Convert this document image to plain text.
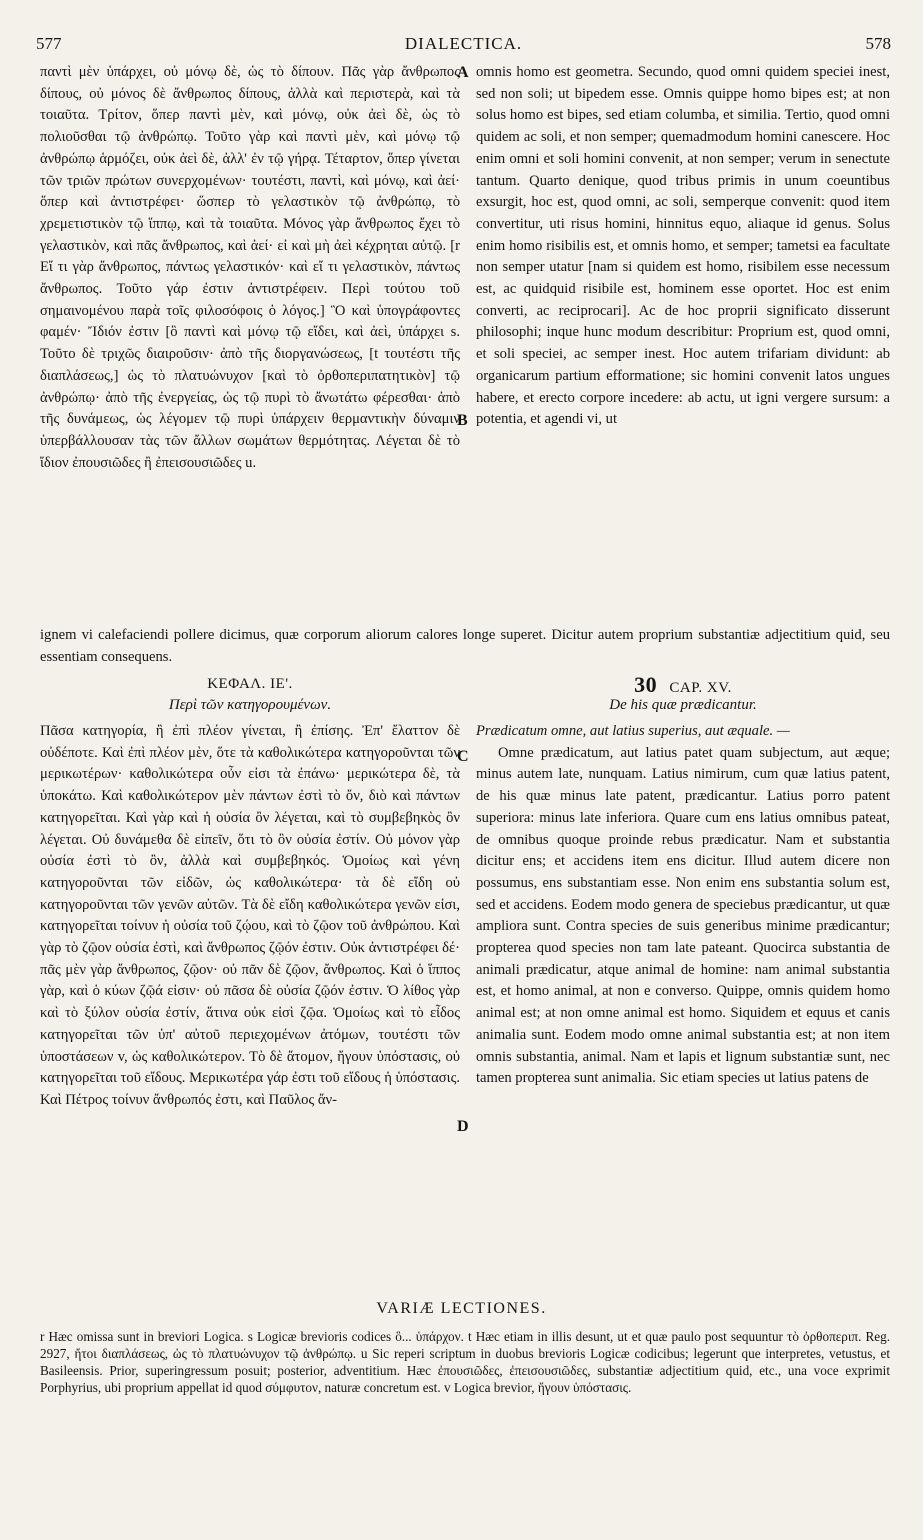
577	DIALECTICA.	578
παντὶ μὲν ὑπάρχει, οὐ μόνῳ δὲ, ὡς τὸ δίπουν. Πᾶς γὰρ ἄνθρωπος δίπους, οὐ μόνος δὲ ἄνθρωπος δίπους, ἀλλὰ καὶ περιστερὰ, καὶ τὰ τοιαῦτα. Τρίτον, ὅπερ παντὶ μὲν, καὶ μόνῳ, οὐκ ἀεὶ δὲ, ὡς τὸ πολιοῦσθαι τῷ ἀνθρώπῳ. Τοῦτο γὰρ καὶ παντὶ μὲν, καὶ μόνῳ τῷ ἀνθρώπῳ ἁρμόζει, οὐκ ἀεὶ δὲ, ἀλλ' ἐν τῷ γήρᾳ. Τέταρτον, ὅπερ γίνεται τῶν τριῶν πρώτων συνερχομένων· τουτέστι, παντὶ, καὶ μόνῳ, καὶ ἀεί· ὅπερ καὶ ἀντιστρέφει· ὥσπερ τὸ γελαστικὸν τῷ ἀνθρώπῳ, τὸ χρεμετιστικὸν τῷ ἵππῳ, καὶ τὰ τοιαῦτα. Μόνος γὰρ ἄνθρωπος ἔχει τὸ γελαστικὸν, καὶ πᾶς ἄνθρωπος, καὶ ἀεί· εἰ καὶ μὴ ἀεὶ κέχρηται αὐτῷ. [r Εἴ τι γὰρ ἄνθρωπος, πάντως γελαστικόν· καὶ εἴ τι γελαστικὸν, πάντως ἄνθρωπος. Τοῦτο γάρ ἐστιν ἀντιστρέφειν. Περὶ τούτου τοῦ σημαινομένου παρὰ τοῖς φιλοσόφοις ὁ λόγος.] Ὃ καὶ ὑπογράφοντες φαμέν· Ἴδιόν ἐστιν [ὃ παντὶ καὶ μόνῳ τῷ εἴδει, καὶ ἀεὶ, ὑπάρχει s. Τοῦτο δὲ τριχῶς διαιροῦσιν· ἀπὸ τῆς διοργανώσεως, [t τουτέστι τῆς διαπλάσεως,] ὡς τὸ πλατυώνυχον [καὶ τὸ ὀρθοπεριπατητικὸν] τῷ ἀνθρώπῳ· ἀπὸ τῆς ἐνεργείας, ὡς τῷ πυρὶ τὸ ἄνωτάτω φέρεσθαι· ἀπὸ τῆς δυνάμεως, ὡς λέγομεν τῷ πυρὶ ὑπάρχειν θερμαντικὴν δύναμιν ὑπερβάλλουσαν τὰς τῶν ἄλλων σωμάτων θερμότητας. Λέγεται δὲ τὸ ἴδιον ἐπουσιῶδες ἢ ἐπεισουσιῶδες u.
omnis homo est geometra. Secundo, quod omni quidem speciei inest, sed non soli; ut bipedem esse. Omnis quippe homo bipes est; at non solus homo est bipes, sed etiam columba, et similia. Tertio, quod omni quidem ac soli, et non semper; quemadmodum homini canescere. Hoc enim omni et soli homini convenit, at non semper; verum in senectute tantum. Quarto denique, quod tribus primis in unum coeuntibus exsurgit, hoc est, quod omni, ac soli, semperque convenit: quod item convertitur, uti risus homini, hinnitus equo, aliaque id genus. Solus enim homo risibilis est, et omnis homo, et semper; tametsi ea facultate non semper utatur [nam si quidem est homo, risibilem esse necessum est, ac quidquid risibile est, hominem esse oportet. Hoc est enim converti, ac reciprocari]. Ac de hoc proprii significato disserunt philosophi; inque hunc modum describitur: Proprium est, quod omni, et soli speciei, ac semper inest. Hoc autem trifariam dividunt: ab organicarum partium efformatione; sic homini convenit latos ungues habere, et erecto corpore incedere: ab actu, ut igni vergere sursum: a potentia, et agendi vi, ut
A
B
ignem vi calefaciendi pollere dicimus, quæ corporum aliorum calores longe superet. Dicitur autem proprium substantiæ adjectitium quid, seu essentiam consequens.
ΚΕΦΑΛ. ΙΕ'.
Περὶ τῶν κατηγορουμένων.
30 CAP. XV.
De his quæ prædicantur.
Πᾶσα κατηγορία, ἢ ἐπὶ πλέον γίνεται, ἢ ἐπίσης. Ἐπ' ἔλαττον δὲ οὐδέποτε. Καὶ ἐπὶ πλέον μὲν, ὅτε τὰ καθολικώτερα κατηγοροῦνται τῶν μερικωτέρων· καθολικώτερα οὖν εἰσι τὰ ἐπάνω· μερικώτερα δὲ, τὰ ὑποκάτω. Καὶ καθολικώτερον μὲν πάντων ἐστὶ τὸ ὄν, διὸ καὶ πάντων κατηγορεῖται. Καὶ γὰρ καὶ ἡ οὐσία ὂν λέγεται, καὶ τὸ συμβεβηκὸς ὂν λέγεται. Οὐ δυνάμεθα δὲ εἰπεῖν, ὅτι τὸ ὂν οὐσία ἐστίν. Οὐ μόνον γὰρ οὐσία ἐστὶ τὸ ὂν, ἀλλὰ καὶ συμβεβηκός. Ὁμοίως καὶ γένη κατηγοροῦνται τῶν εἰδῶν, ὡς καθολικώτερα· τὰ δὲ εἴδη οὐ κατηγοροῦνται τῶν γενῶν αὐτῶν. Τὰ δὲ εἴδη καθολικώτερα γενῶν εἰσι, κατηγορεῖται τοίνυν ἡ οὐσία τοῦ ζῴου, καὶ τὸ ζῷον τοῦ ἀνθρώπου. Καὶ γὰρ τὸ ζῷον οὐσία ἐστὶ, καὶ ἄνθρωπος ζῷόν ἐστιν. Οὐκ ἀντιστρέφει δέ· πᾶς μὲν γὰρ ἄνθρωπος, ζῷον· οὐ πᾶν δὲ ζῷον, ἄνθρωπος. Καὶ ὁ ἵππος γὰρ, καὶ ὁ κύων ζῷά εἰσιν· οὐ πᾶσα δὲ οὐσία ζῷόν ἐστιν. Ὁ λίθος γὰρ καὶ τὸ ξύλον οὐσία ἐστίν, ἅτινα οὐκ εἰσὶ ζῷα. Ὁμοίως καὶ τὸ εἶδος κατηγορεῖται τῶν ὑπ' αὐτοῦ περιεχομένων ἀτόμων, τουτέστι τῶν ὑποστάσεων v, ὡς καθολικώτερον. Τὸ δὲ ἄτομον, ἤγουν ὑπόστασις, οὐ κατηγορεῖται τοῦ εἴδους. Μερικωτέρα γάρ ἐστι τοῦ εἴδους ἡ ὑπόστασις. Καὶ Πέτρος τοίνυν ἄνθρωπός ἐστι, καὶ Παῦλος ἄν-
Prædicatum omne, aut latius superius, aut æquale. —
Omne prædicatum, aut latius patet quam subjectum, aut æque; minus autem late, nunquam. Latius nimirum, cum quæ latius patent, de his quæ minus late patent, prædicantur. Latius porro patent superiora: minus late inferiora. Quare cum ens latius omnibus pateat, de omnibus quoque proinde rebus prædicatur. Nam et substantia dicitur ens; et accidens item ens dicitur. Illud autem dicere non possumus, ens substantiam esse. Non enim ens substantia solum est, sed et accidens. Eodem modo genera de speciebus prædicantur, ut quæ ampliora sunt. Contra species de suis generibus minime prædicantur; propterea quod species non tam late pateant. Quocirca substantia de animali prædicatur, atque animal de homine: nam animal substantia est, et homo animal, at non e converso. Quippe, omnis quidem homo animal est; at non omne animal est homo. Siquidem et equus et canis animalia sunt. Eodem modo omne animal substantia est; at non item omnis substantia, animal. Nam et lapis et lignum substantiæ sunt, nec tamen propterea sunt animalia. Sic etiam species ut latius patens de
C
D
VARIÆ LECTIONES.
r Hæc omissa sunt in breviori Logica. s Logicæ brevioris codices ὃ... ὑπάρχον. t Hæc etiam in illis desunt, ut et quæ paulo post sequuntur τὸ ὀρθοπεριπ. Reg. 2927, ἤτοι διαπλάσεως, ὡς τὸ πλατυώνυχον τῷ ἀνθρώπῳ. u Sic reperi scriptum in duobus brevioris Logicæ codicibus; legerunt que interpretes, vetustus, et Basileensis. Prior, superingressum posuit; posterior, adventitium. Hæc ἐπουσιῶδες, ἐπεισουσιῶδες, substantiæ adjectitium quid, etc., una voce exprimit Porphyrius, ubi proprium appellat id quod σύμφυτον, naturæ concretum est. v Logica brevior, ἤγουν ὑπόστασις.
